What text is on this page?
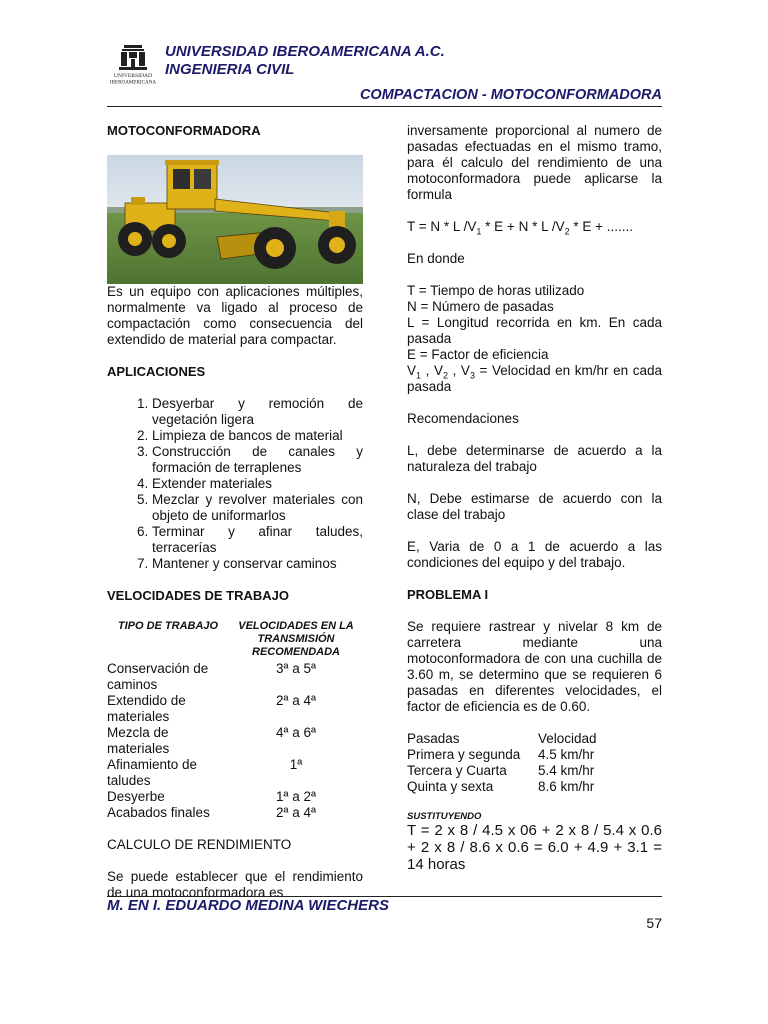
UNIVERSIDAD
IBEROAMERICANA
UNIVERSIDAD IBEROAMERICANA A.C.
INGENIERIA CIVIL
COMPACTACION - MOTOCONFORMADORA
MOTOCONFORMADORA

Es un equipo con aplicaciones múltiples, normalmente va ligado al proceso de compactación como consecuencia del extendido de material para compactar.

APLICACIONES
1. Desyerbar y remoción de vegetación ligera
2. Limpieza de bancos de material
3. Construcción de canales y formación de terraplenes
4. Extender materiales
5. Mezclar y revolver materiales con objeto de uniformarlos
6. Terminar y afinar taludes, terracerías
7. Mantener y conservar caminos
VELOCIDADES DE TRABAJO
TIPO DE TRABAJO	VELOCIDADES EN LA TRANSMISIÓN RECOMENDADA
Conservación de caminos	3ª a 5ª
Extendido de materiales	2ª a 4ª
Mezcla de materiales	4ª a 6ª
Afinamiento de taludes	1ª
Desyerbe	1ª a 2ª
Acabados finales	2ª a 4ª
CALCULO DE RENDIMIENTO

Se puede establecer que el rendimiento de una motoconformadora es

inversamente proporcional al numero de pasadas efectuadas en el mismo tramo, para él calculo del rendimiento de una motoconformadora puede aplicarse la formula

T = N * L $/V_1 * E + N * L$ $/V_2$ * E + .......
En donde
T = Tiempo de horas utilizado
N = Número de pasadas
L = Longitud recorrida en km. En cada pasada
E = Factor de eficiencia
$V_1$ , $V_2$ , $V_3$ = Velocidad en km/hr en cada pasada
Recomendaciones

L, debe determinarse de acuerdo a la naturaleza del trabajo

N, Debe estimarse de acuerdo con la clase del trabajo

E, Varia de 0 a 1 de acuerdo a las condiciones del equipo y del trabajo.

PROBLEMA I

Se requiere rastrear y nivelar 8 km de carretera mediante una motoconformadora de con una cuchilla de 3.60 m, se determino que se requieren 6 pasadas en diferentes velocidades, el factor de eficiencia es de 0.60.

Pasadas	Velocidad
Primera y segunda	4.5 km/hr
Tercera y Cuarta	5.4 km/hr
Quinta y sexta	8.6 km/hr
SUSTITUYENDO

T = 2 x 8 / 4.5 x 06 + 2 x 8 / 5.4 x 0.6 + 2 x 8 / 8.6 x 0.6 = 6.0 + 4.9 + 3.1 = 14 horas

M. EN I. EDUARDO MEDINA WIECHERS
57
